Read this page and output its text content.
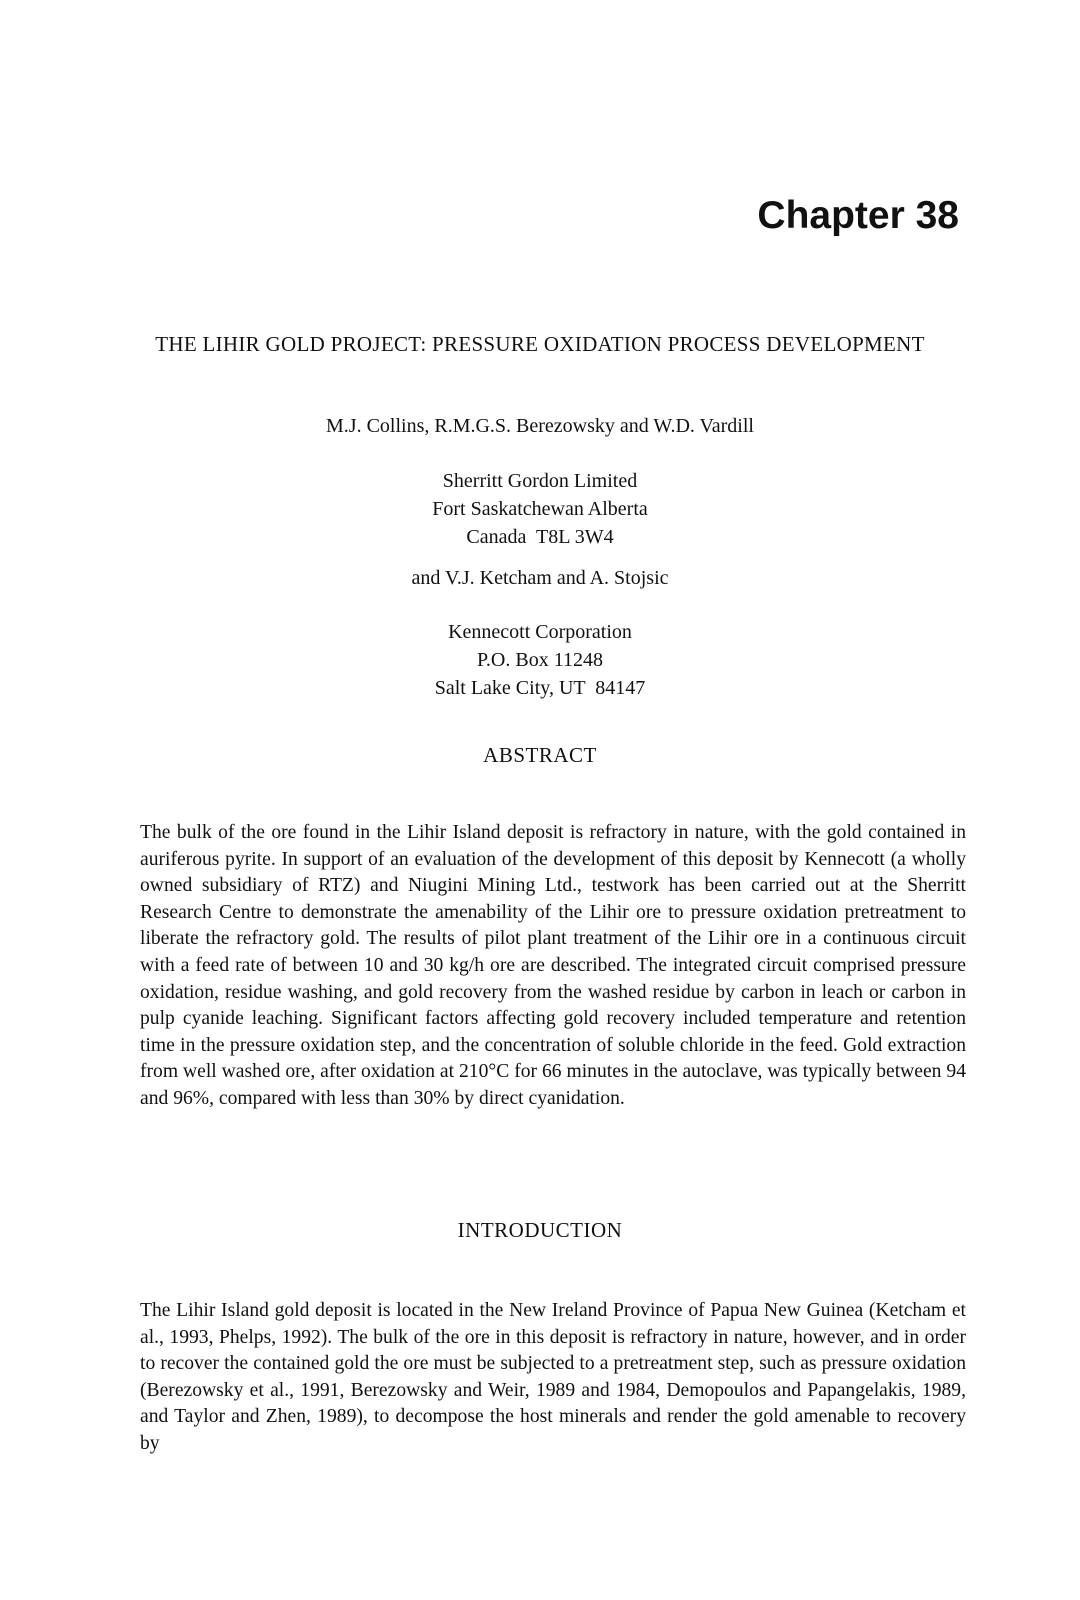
Chapter 38
THE LIHIR GOLD PROJECT: PRESSURE OXIDATION PROCESS DEVELOPMENT
M.J. Collins, R.M.G.S. Berezowsky and W.D. Vardill
Sherritt Gordon Limited
Fort Saskatchewan Alberta
Canada  T8L 3W4
and V.J. Ketcham and A. Stojsic
Kennecott Corporation
P.O. Box 11248
Salt Lake City, UT  84147
ABSTRACT

The bulk of the ore found in the Lihir Island deposit is refractory in nature, with the gold contained in auriferous pyrite. In support of an evaluation of the development of this deposit by Kennecott (a wholly owned subsidiary of RTZ) and Niugini Mining Ltd., testwork has been carried out at the Sherritt Research Centre to demonstrate the amenability of the Lihir ore to pressure oxidation pretreatment to liberate the refractory gold. The results of pilot plant treatment of the Lihir ore in a continuous circuit with a feed rate of between 10 and 30 kg/h ore are described. The integrated circuit comprised pressure oxidation, residue washing, and gold recovery from the washed residue by carbon in leach or carbon in pulp cyanide leaching. Significant factors affecting gold recovery included temperature and retention time in the pressure oxidation step, and the concentration of soluble chloride in the feed. Gold extraction from well washed ore, after oxidation at 210°C for 66 minutes in the autoclave, was typically between 94 and 96%, compared with less than 30% by direct cyanidation.

INTRODUCTION

The Lihir Island gold deposit is located in the New Ireland Province of Papua New Guinea (Ketcham et al., 1993, Phelps, 1992). The bulk of the ore in this deposit is refractory in nature, however, and in order to recover the contained gold the ore must be subjected to a pretreatment step, such as pressure oxidation (Berezowsky et al., 1991, Berezowsky and Weir, 1989 and 1984, Demopoulos and Papangelakis, 1989, and Taylor and Zhen, 1989), to decompose the host minerals and render the gold amenable to recovery by
